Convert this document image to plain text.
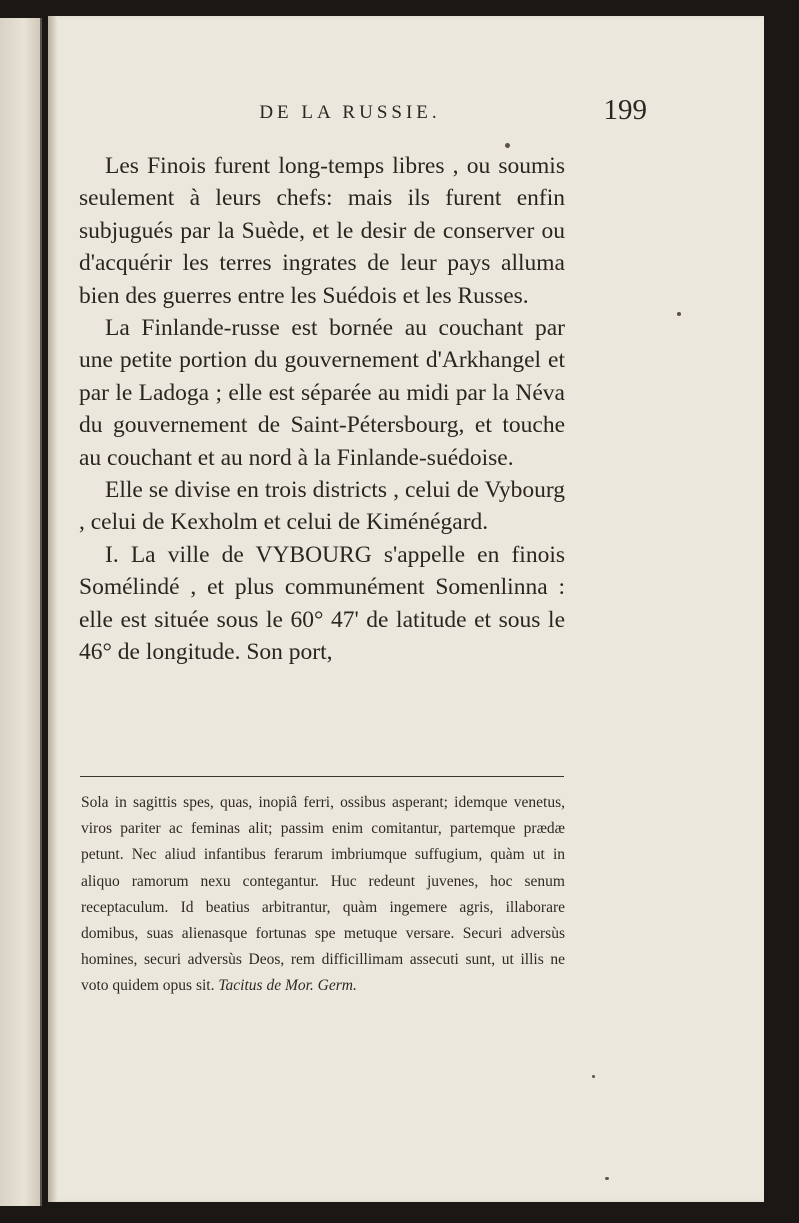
DE LA RUSSIE.	199

Les Finois furent long-temps libres , ou soumis seulement à leurs chefs: mais ils furent enfin subjugués par la Suède, et le desir de conserver ou d'acquérir les terres ingrates de leur pays alluma bien des guerres entre les Suédois et les Russes.

La Finlande-russe est bornée au couchant par une petite portion du gouvernement d'Arkhangel et par le Ladoga ; elle est séparée au midi par la Néva du gouvernement de Saint-Pétersbourg, et touche au couchant et au nord à la Finlande-suédoise.

Elle se divise en trois districts , celui de Vybourg , celui de Kexholm et celui de Kiménégard.

I. La ville de VYBOURG s'appelle en finois Somélindé , et plus communément Somenlinna : elle est située sous le 60° 47' de latitude et sous le 46° de longitude. Son port,

Sola in sagittis spes, quas, inopiâ ferri, ossibus asperant; idemque venetus, viros pariter ac feminas alit; passim enim comitantur, partemque prædæ petunt. Nec aliud infantibus ferarum imbriumque suffugium, quàm ut in aliquo ramorum nexu contegantur. Huc redeunt juvenes, hoc senum receptaculum. Id beatius arbitrantur, quàm ingemere agris, illaborare domibus, suas alienasque fortunas spe metuque versare. Securi adversùs homines, securi adversùs Deos, rem difficillimam assecuti sunt, ut illis ne voto quidem opus sit. Tacitus de Mor. Germ.
